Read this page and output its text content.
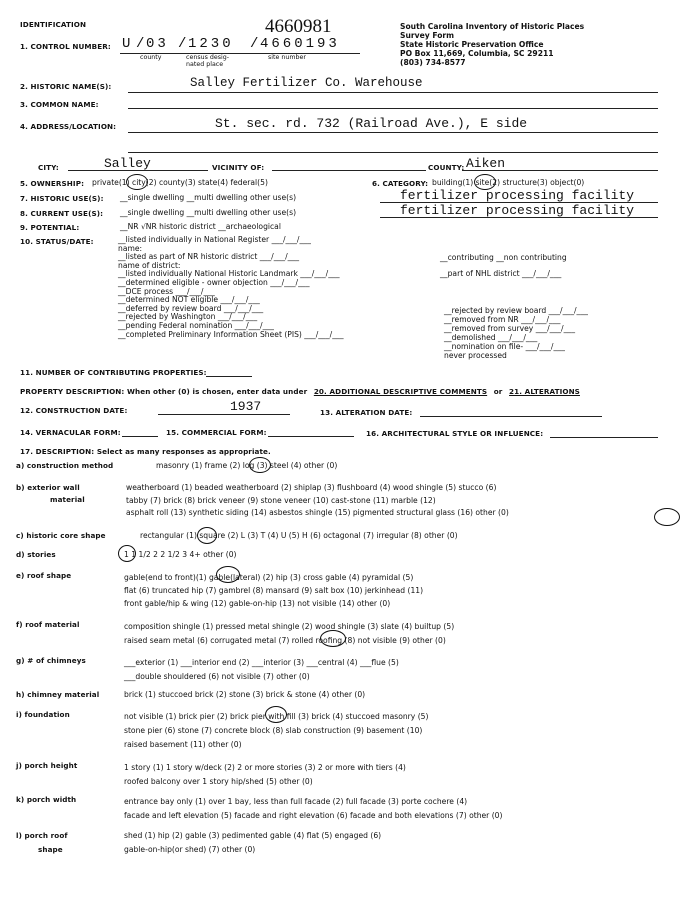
IDENTIFICATION	4660981	South Carolina Inventory of Historic Places
Survey Form
State Historic Preservation Office
PO Box 11,669, Columbia, SC 29211
(803) 734-8577
1. CONTROL NUMBER: U / 03 / 1230 / 4660193
county	census desig-
nated place
site number
2. HISTORIC NAME(S):	Salley Fertilizer Co. Warehouse
3. COMMON NAME:
4. ADDRESS/LOCATION:	St. sec. rd. 732 (Railroad Ave.), E side
CITY:	Salley	VICINITY OF:	COUNTY: Aiken
5. OWNERSHIP: private(1) city(2) county(3) state(4) federal(5)	6. CATEGORY: building(1) site(2) structure(3) object(0)
7. HISTORIC USE(S): __single dwelling __multi dwelling other use(s)	fertilizer processing facility
8. CURRENT USE(S): __single dwelling __multi dwelling other use(s)	fertilizer processing facility
9. POTENTIAL:	__NR √NR historic district __archaeological
10. STATUS/DATE:	__listed individually in National Register ___/___/___
name:
__listed as part of NR historic district ___/___/___
name of district:
__listed individually National Historic Landmark ___/___/___
__determined eligible - owner objection ___/___/___
__DCE process ___/___/___
__determined NOT eligible ___/___/___
__deferred by review board ___/___/___
__rejected by Washington ___/___/___
__pending Federal nomination ___/___/___
__completed Preliminary Information Sheet (PIS) ___/___/___
__contributing __non contributing
__part of NHL district ___/___/___
__rejected by review board ___/___/___
__removed from NR ___/___/___
__removed from survey ___/___/___
__demolished ___/___/___
__nomination on file- ___/___/___
never processed
11. NUMBER OF CONTRIBUTING PROPERTIES:
PROPERTY DESCRIPTION: When other (0) is chosen, enter data under 20. ADDITIONAL DESCRIPTIVE COMMENTS or 21. ALTERATIONS
12. CONSTRUCTION DATE:	1937	13. ALTERATION DATE:
14. VERNACULAR FORM:	15. COMMERCIAL FORM:	16. ARCHITECTURAL STYLE OR INFLUENCE:
17. DESCRIPTION: Select as many responses as appropriate.
a) construction method	masonry (1) frame (2) log (3) steel (4) other (0)
b) exterior wall
material
weatherboard (1) beaded weatherboard (2) shiplap (3) flushboard (4) wood shingle (5) stucco (6)
tabby (7) brick (8) brick veneer (9) stone veneer (10) cast-stone (11) marble (12)
asphalt roll (13) synthetic siding (14) asbestos shingle (15) pigmented structural glass (16) other (0)
c) historic core shape	rectangular (1) square (2) L (3) T (4) U (5) H (6) octagonal (7) irregular (8) other (0)
d) stories	1 1 1/2 2 2 1/2 3 4+ other (0)
e) roof shape	gable(end to front)(1) gable(lateral) (2) hip (3) cross gable (4) pyramidal (5)
flat (6) truncated hip (7) gambrel (8) mansard (9) salt box (10) jerkinhead (11)
front gable/hip & wing (12) gable-on-hip (13) not visible (14) other (0)
f) roof material	composition shingle (1) pressed metal shingle (2) wood shingle (3) slate (4) builtup (5)
raised seam metal (6) corrugated metal (7) rolled roofing (8) not visible (9) other (0)
g) # of chimneys	___exterior (1) ___interior end (2) ___interior (3) ___central (4) ___flue (5)
___double shouldered (6) not visible (7) other (0)
h) chimney material	brick (1) stuccoed brick (2) stone (3) brick & stone (4) other (0)
i) foundation	not visible (1) brick pier (2) brick pier with fill (3) brick (4) stuccoed masonry (5)
stone pier (6) stone (7) concrete block (8) slab construction (9) basement (10)
raised basement (11) other (0)
j) porch height	1 story (1) 1 story w/deck (2) 2 or more stories (3) 2 or more with tiers (4)
roofed balcony over 1 story hip/shed (5) other (0)
k) porch width	entrance bay only (1) over 1 bay, less than full facade (2) full facade (3) porte cochere (4)
facade and left elevation (5) facade and right elevation (6) facade and both elevations (7) other (0)
l) porch roof
shape
shed (1) hip (2) gable (3) pedimented gable (4) flat (5) engaged (6)
gable-on-hip(or shed) (7) other (0)
